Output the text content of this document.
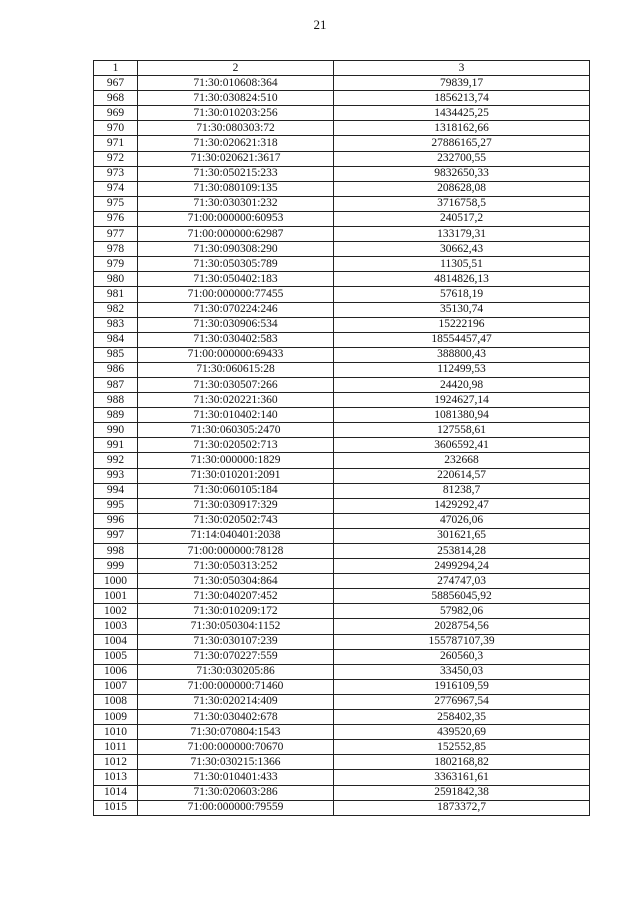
21
1	2	3
967	71:30:010608:364	79839,17
968	71:30:030824:510	1856213,74
969	71:30:010203:256	1434425,25
970	71:30:080303:72	1318162,66
971	71:30:020621:318	27886165,27
972	71:30:020621:3617	232700,55
973	71:30:050215:233	9832650,33
974	71:30:080109:135	208628,08
975	71:30:030301:232	3716758,5
976	71:00:000000:60953	240517,2
977	71:00:000000:62987	133179,31
978	71:30:090308:290	30662,43
979	71:30:050305:789	11305,51
980	71:30:050402:183	4814826,13
981	71:00:000000:77455	57618,19
982	71:30:070224:246	35130,74
983	71:30:030906:534	15222196
984	71:30:030402:583	18554457,47
985	71:00:000000:69433	388800,43
986	71:30:060615:28	112499,53
987	71:30:030507:266	24420,98
988	71:30:020221:360	1924627,14
989	71:30:010402:140	1081380,94
990	71:30:060305:2470	127558,61
991	71:30:020502:713	3606592,41
992	71:30:000000:1829	232668
993	71:30:010201:2091	220614,57
994	71:30:060105:184	81238,7
995	71:30:030917:329	1429292,47
996	71:30:020502:743	47026,06
997	71:14:040401:2038	301621,65
998	71:00:000000:78128	253814,28
999	71:30:050313:252	2499294,24
1000	71:30:050304:864	274747,03
1001	71:30:040207:452	58856045,92
1002	71:30:010209:172	57982,06
1003	71:30:050304:1152	2028754,56
1004	71:30:030107:239	155787107,39
1005	71:30:070227:559	260560,3
1006	71:30:030205:86	33450,03
1007	71:00:000000:71460	1916109,59
1008	71:30:020214:409	2776967,54
1009	71:30:030402:678	258402,35
1010	71:30:070804:1543	439520,69
1011	71:00:000000:70670	152552,85
1012	71:30:030215:1366	1802168,82
1013	71:30:010401:433	3363161,61
1014	71:30:020603:286	2591842,38
1015	71:00:000000:79559	1873372,7
